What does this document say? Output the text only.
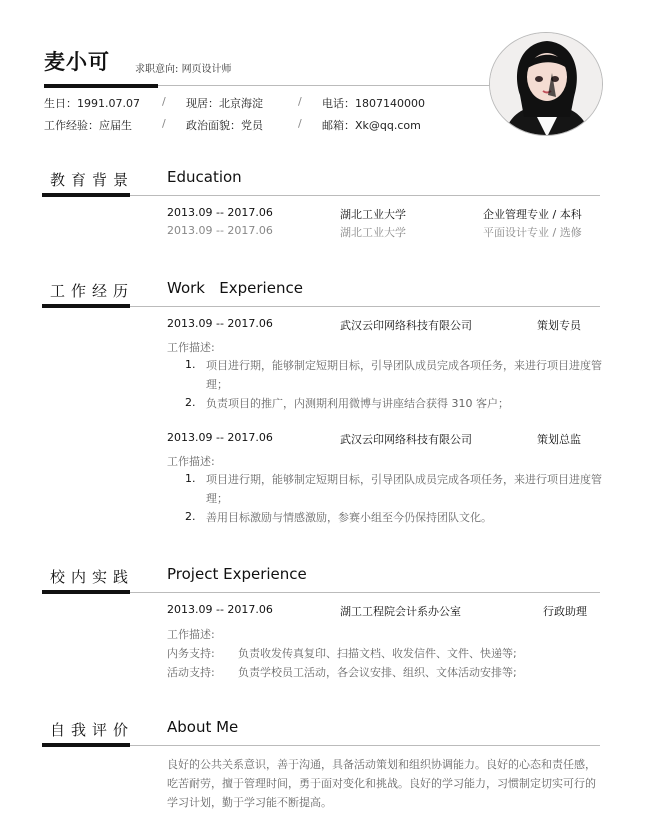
麦小可	求职意向: 网页设计师
生日：1991.07.07	/	现居：北京海淀	/	电话：1807140000
工作经验：应届生	/	政治面貌：党员	/	邮箱：Xk@qq.com
教育背景 Education
2013.09 -- 2017.06	湖北工业大学	企业管理专业 / 本科
2013.09 -- 2017.06	湖北工业大学	平面设计专业 / 选修
工作经历 Work   Experience
2013.09 -- 2017.06	武汉云印网络科技有限公司	策划专员
工作描述:
1. 项目进行期，能够制定短期目标，引导团队成员完成各项任务，来进行项目进度管理；
2. 负责项目的推广，内测期利用微博与讲座结合获得 310 客户；
2013.09 -- 2017.06	武汉云印网络科技有限公司	策划总监
工作描述:
1. 项目进行期，能够制定短期目标，引导团队成员完成各项任务，来进行项目进度管理；
2. 善用目标激励与情感激励，参赛小组至今仍保持团队文化。
校内实践 Project Experience
2013.09 -- 2017.06	湖工工程院会计系办公室	行政助理
工作描述:
内务支持: 负责收发传真复印、扫描文档、收发信件、文件、快递等;
活动支持: 负责学校员工活动，各会议安排、组织、文体活动安排等;
自我评价 About Me
良好的公共关系意识，善于沟通，具备活动策划和组织协调能力。良好的心态和责任感，吃苦耐劳，擅于管理时间，勇于面对变化和挑战。良好的学习能力，习惯制定切实可行的学习计划，勤于学习能不断提高。
